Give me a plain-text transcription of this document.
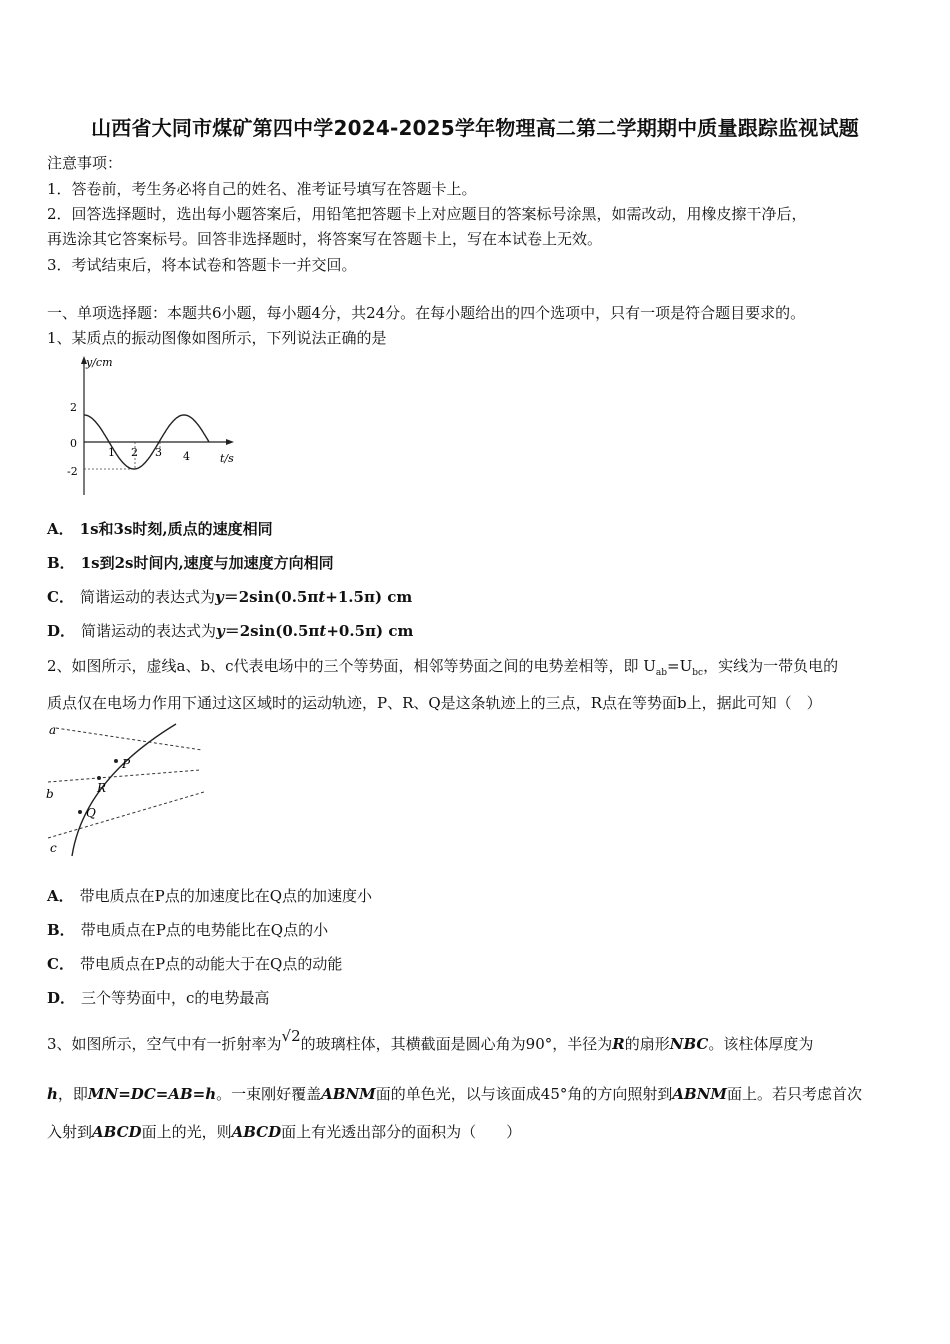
山西省大同市煤矿第四中学2024-2025学年物理高二第二学期期中质量跟踪监视试题
注意事项：
1．答卷前，考生务必将自己的姓名、准考证号填写在答题卡上。
2．回答选择题时，选出每小题答案后，用铅笔把答题卡上对应题目的答案标号涂黑，如需改动，用橡皮擦干净后，
再选涂其它答案标号。回答非选择题时，将答案写在答题卡上，写在本试卷上无效。
3．考试结束后，将本试卷和答题卡一并交回。
一、单项选择题：本题共6小题，每小题4分，共24分。在每小题给出的四个选项中，只有一项是符合题目要求的。
1、某质点的振动图像如图所示，下列说法正确的是
y/cm
t/s
2
0
-2
1 2 3 4
A． 1s和3s时刻,质点的速度相同
B． 1s到2s时间内,速度与加速度方向相同
C． 简谐运动的表达式为y＝2sin(0.5πt+1.5π) cm
D． 简谐运动的表达式为y＝2sin(0.5πt+0.5π) cm
2、如图所示，虚线a、b、c代表电场中的三个等势面，相邻等势面之间的电势差相等，即 $U_{ab}=U_{bc}$，实线为一带负电的
质点仅在电场力作用下通过这区域时的运动轨迹，P、R、Q是这条轨迹上的三点，R点在等势面b上，据此可知（　）
a
b
c
P
R
Q
A． 带电质点在P点的加速度比在Q点的加速度小
B． 带电质点在P点的电势能比在Q点的小
C． 带电质点在P点的动能大于在Q点的动能
D． 三个等势面中，c的电势最高
3、如图所示，空气中有一折射率为√2的玻璃柱体，其横截面是圆心角为90°，半径为R的扇形NBC。该柱体厚度为
h，即MN=DC=AB=h。一束刚好覆盖ABNM面的单色光，以与该面成45°角的方向照射到ABNM面上。若只考虑首次
入射到ABCD面上的光，则ABCD面上有光透出部分的面积为（　　）
